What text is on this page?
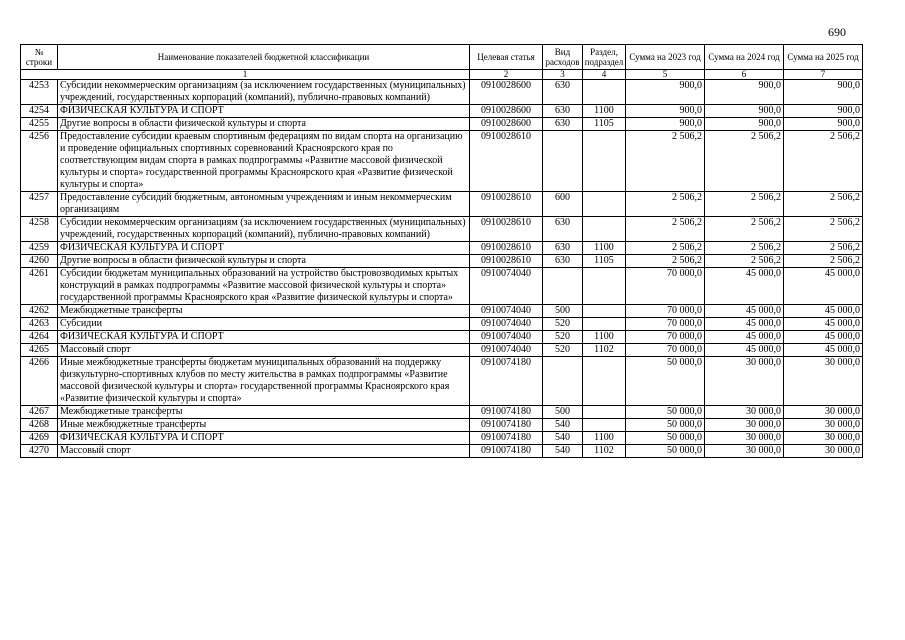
690
№ строки	Наименование показателей бюджетной классификации	Целевая статья	Вид расходов	Раздел, подраздел	Сумма на 2023 год	Сумма на 2024 год	Сумма на 2025 год
1		2	3	4	5	6	7
4253	Субсидии некоммерческим организациям (за исключением государственных (муниципальных) учреждений, государственных корпораций (компаний), публично-правовых компаний)	0910028600	630		900,0	900,0	900,0
4254	ФИЗИЧЕСКАЯ КУЛЬТУРА И СПОРТ	0910028600	630	1100	900,0	900,0	900,0
4255	Другие вопросы в области физической культуры и спорта	0910028600	630	1105	900,0	900,0	900,0
4256	Предоставление субсидии краевым спортивным федерациям по видам спорта на организацию и проведение официальных спортивных соревнований Красноярского края по соответствующим видам спорта в рамках подпрограммы «Развитие массовой физической культуры и спорта» государственной программы Красноярского края «Развитие физической культуры и спорта»	0910028610			2 506,2	2 506,2	2 506,2
4257	Предоставление субсидий бюджетным, автономным учреждениям и иным некоммерческим организациям	0910028610	600		2 506,2	2 506,2	2 506,2
4258	Субсидии некоммерческим организациям (за исключением государственных (муниципальных) учреждений, государственных корпораций (компаний), публично-правовых компаний)	0910028610	630		2 506,2	2 506,2	2 506,2
4259	ФИЗИЧЕСКАЯ КУЛЬТУРА И СПОРТ	0910028610	630	1100	2 506,2	2 506,2	2 506,2
4260	Другие вопросы в области физической культуры и спорта	0910028610	630	1105	2 506,2	2 506,2	2 506,2
4261	Субсидии бюджетам муниципальных образований на устройство быстровозводимых крытых конструкций в рамках подпрограммы «Развитие массовой физической культуры и спорта» государственной программы Красноярского края «Развитие физической культуры и спорта»	0910074040			70 000,0	45 000,0	45 000,0
4262	Межбюджетные трансферты	0910074040	500		70 000,0	45 000,0	45 000,0
4263	Субсидии	0910074040	520		70 000,0	45 000,0	45 000,0
4264	ФИЗИЧЕСКАЯ КУЛЬТУРА И СПОРТ	0910074040	520	1100	70 000,0	45 000,0	45 000,0
4265	Массовый спорт	0910074040	520	1102	70 000,0	45 000,0	45 000,0
4266	Иные межбюджетные трансферты бюджетам муниципальных образований на поддержку физкультурно-спортивных клубов по месту жительства в рамках подпрограммы «Развитие массовой физической культуры и спорта» государственной программы Красноярского края «Развитие физической культуры и спорта»	0910074180			50 000,0	30 000,0	30 000,0
4267	Межбюджетные трансферты	0910074180	500		50 000,0	30 000,0	30 000,0
4268	Иные межбюджетные трансферты	0910074180	540		50 000,0	30 000,0	30 000,0
4269	ФИЗИЧЕСКАЯ КУЛЬТУРА И СПОРТ	0910074180	540	1100	50 000,0	30 000,0	30 000,0
4270	Массовый спорт	0910074180	540	1102	50 000,0	30 000,0	30 000,0
